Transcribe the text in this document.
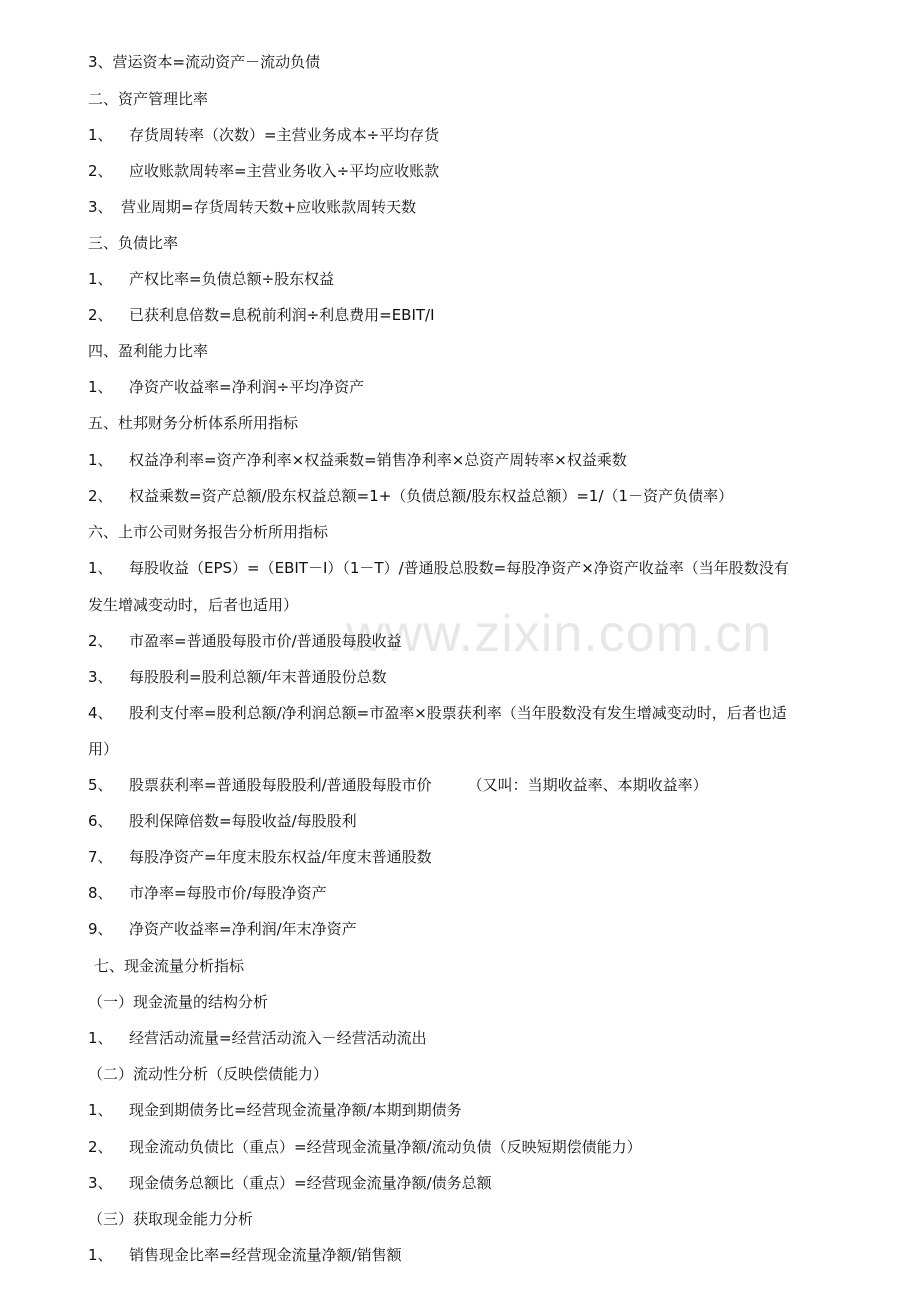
www.zixin.com.cn
3、营运资本=流动资产－流动负债
二、资产管理比率
1、 存货周转率（次数）=主营业务成本÷平均存货
2、 应收账款周转率=主营业务收入÷平均应收账款
3、 营业周期=存货周转天数+应收账款周转天数
三、负债比率
1、 产权比率=负债总额÷股东权益
2、 已获利息倍数=息税前利润÷利息费用=EBIT/I
四、盈利能力比率
1、 净资产收益率=净利润÷平均净资产
五、杜邦财务分析体系所用指标
1、 权益净利率=资产净利率×权益乘数=销售净利率×总资产周转率×权益乘数
2、 权益乘数=资产总额/股东权益总额=1+（负债总额/股东权益总额）=1/（1－资产负债率）
六、上市公司财务报告分析所用指标
1、 每股收益（EPS）=（EBIT－I）（1－T）/普通股总股数=每股净资产×净资产收益率（当年股数没有
发生增减变动时，后者也适用）
2、 市盈率=普通股每股市价/普通股每股收益
3、 每股股利=股利总额/年末普通股份总数
4、 股利支付率=股利总额/净利润总额=市盈率×股票获利率（当年股数没有发生增减变动时，后者也适
用）
5、 股票获利率=普通股每股股利/普通股每股市价 （又叫：当期收益率、本期收益率）
6、 股利保障倍数=每股收益/每股股利
7、 每股净资产=年度末股东权益/年度末普通股数
8、 市净率=每股市价/每股净资产
9、 净资产收益率=净利润/年末净资产
七、现金流量分析指标
（一）现金流量的结构分析
1、 经营活动流量=经营活动流入－经营活动流出
（二）流动性分析（反映偿债能力）
1、 现金到期债务比=经营现金流量净额/本期到期债务
2、 现金流动负债比（重点）=经营现金流量净额/流动负债（反映短期偿债能力）
3、 现金债务总额比（重点）=经营现金流量净额/债务总额
（三）获取现金能力分析
1、 销售现金比率=经营现金流量净额/销售额
